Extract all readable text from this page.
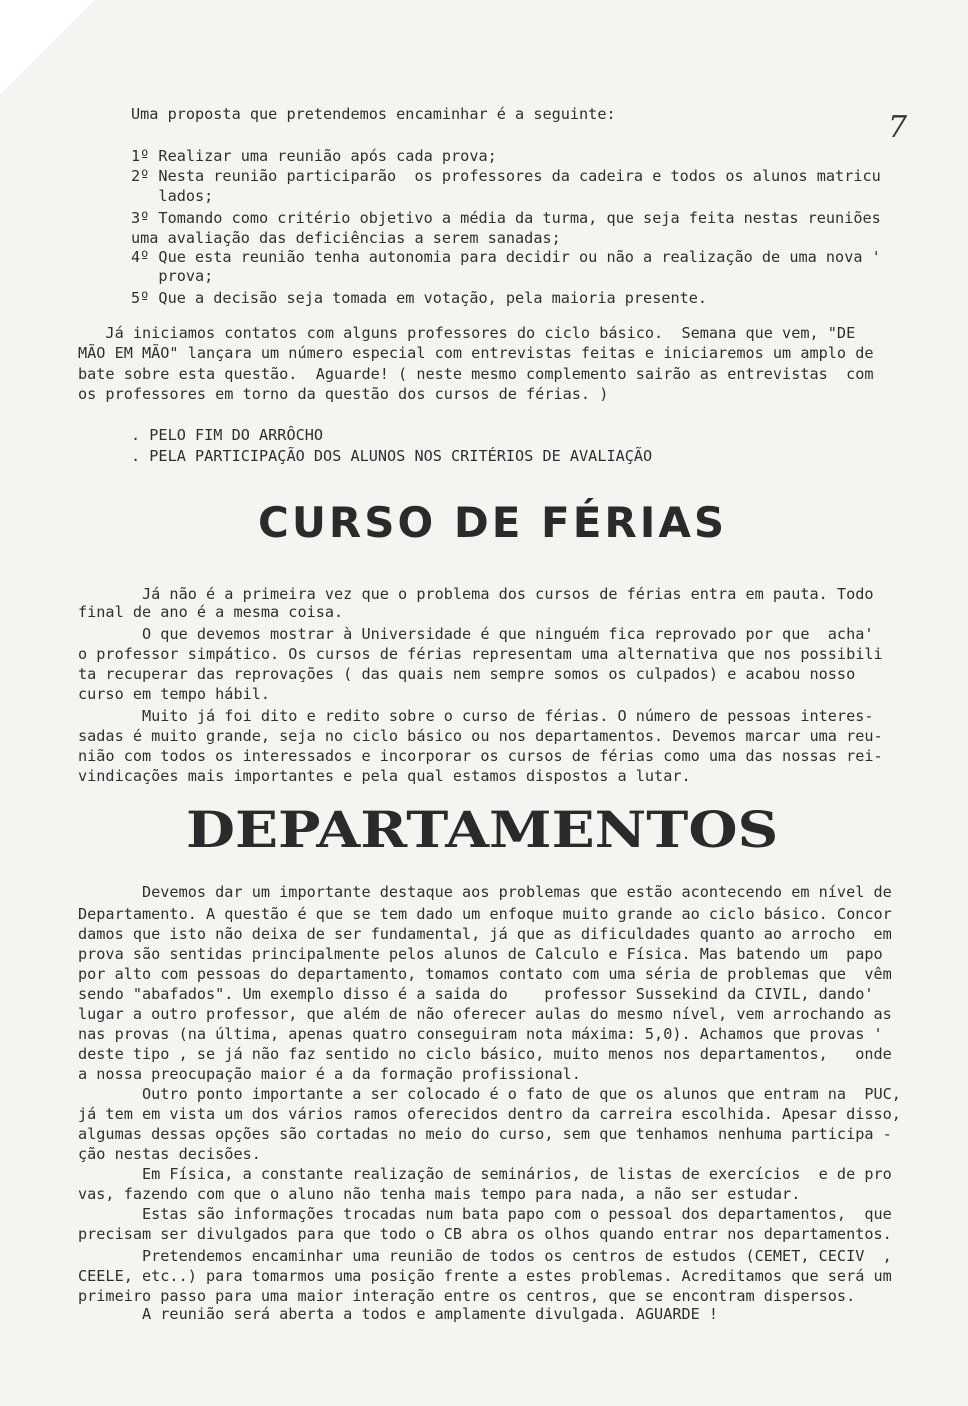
7
Uma proposta que pretendemos encaminhar é a seguinte:
1º Realizar uma reunião após cada prova;
2º Nesta reunião participarão  os professores da cadeira e todos os alunos matricu
lados;
3º Tomando como critério objetivo a média da turma, que seja feita nestas reuniões
uma avaliação das deficiências a serem sanadas;
4º Que esta reunião tenha autonomia para decidir ou não a realização de uma nova '
prova;
5º Que a decisão seja tomada em votação, pela maioria presente.
Já iniciamos contatos com alguns professores do ciclo básico.  Semana que vem, "DE
MÃO EM MÃO" lançara um número especial com entrevistas feitas e iniciaremos um amplo de
bate sobre esta questão.  Aguarde! ( neste mesmo complemento sairão as entrevistas  com
os professores em torno da questão dos cursos de férias. )
. PELO FIM DO ARRÔCHO
. PELA PARTICIPAÇÃO DOS ALUNOS NOS CRITÉRIOS DE AVALIAÇÃO
CURSO DE FÉRIAS
Já não é a primeira vez que o problema dos cursos de férias entra em pauta. Todo
final de ano é a mesma coisa.
O que devemos mostrar à Universidade é que ninguém fica reprovado por que  acha'
o professor simpático. Os cursos de férias representam uma alternativa que nos possibili
ta recuperar das reprovações ( das quais nem sempre somos os culpados) e acabou nosso
curso em tempo hábil.
Muito já foi dito e redito sobre o curso de férias. O número de pessoas interes-
sadas é muito grande, seja no ciclo básico ou nos departamentos. Devemos marcar uma reu-
nião com todos os interessados e incorporar os cursos de férias como uma das nossas rei-
vindicações mais importantes e pela qual estamos dispostos a lutar.
DEPARTAMENTOS
Devemos dar um importante destaque aos problemas que estão acontecendo em nível de
Departamento. A questão é que se tem dado um enfoque muito grande ao ciclo básico. Concor
damos que isto não deixa de ser fundamental, já que as dificuldades quanto ao arrocho  em
prova são sentidas principalmente pelos alunos de Calculo e Física. Mas batendo um  papo
por alto com pessoas do departamento, tomamos contato com uma séria de problemas que  vêm
sendo "abafados". Um exemplo disso é a saida do    professor Sussekind da CIVIL, dando'
lugar a outro professor, que além de não oferecer aulas do mesmo nível, vem arrochando as
nas provas (na última, apenas quatro conseguiram nota máxima: 5,0). Achamos que provas '
deste tipo , se já não faz sentido no ciclo básico, muito menos nos departamentos,   onde
a nossa preocupação maior é a da formação profissional.
Outro ponto importante a ser colocado é o fato de que os alunos que entram na  PUC,
já tem em vista um dos vários ramos oferecidos dentro da carreira escolhida. Apesar disso,
algumas dessas opções são cortadas no meio do curso, sem que tenhamos nenhuma participa -
ção nestas decisões.
Em Física, a constante realização de seminários, de listas de exercícios  e de pro
vas, fazendo com que o aluno não tenha mais tempo para nada, a não ser estudar.
Estas são informações trocadas num bata papo com o pessoal dos departamentos,  que
precisam ser divulgados para que todo o CB abra os olhos quando entrar nos departamentos.
Pretendemos encaminhar uma reunião de todos os centros de estudos (CEMET, CECIV  ,
CEELE, etc..) para tomarmos uma posição frente a estes problemas. Acreditamos que será um
primeiro passo para uma maior interação entre os centros, que se encontram dispersos.
A reunião será aberta a todos e amplamente divulgada. AGUARDE !
